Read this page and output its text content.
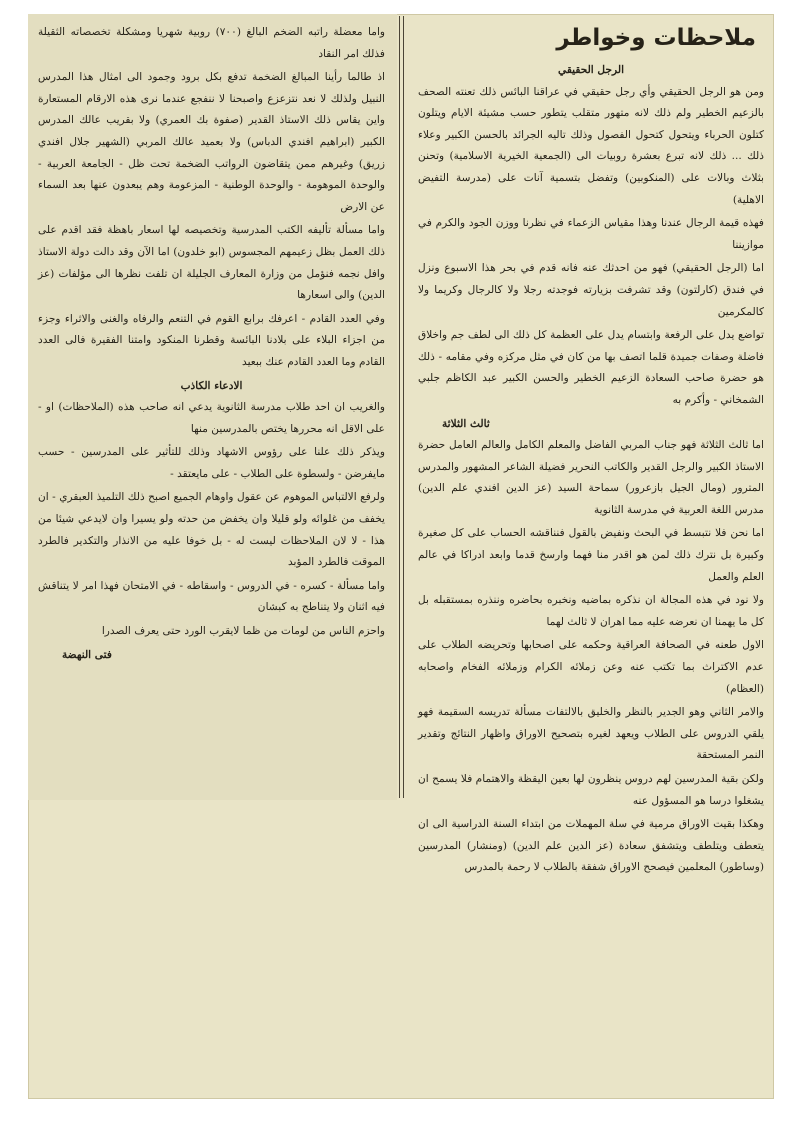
ملاحظات وخواطر
الرجل الحقيقي

ومن هو الرجل الحقيقي وأي رجل حقيقي في عراقنا البائس ذلك تعنته الصحف بالزعيم الخطير ولم ذلك لانه متهور متقلب يتطور حسب مشيئة الايام ويتلون كتلون الحرباء ويتحول كتحول الفصول وذلك تاليه الجرائد بالحسن الكبير وعلاء ذلك ... ذلك لانه تبرع بعشرة روبيات الى (الجمعية الخيرية الاسلامية) وتحنن بثلاث وبالات على (المنكوبين) وتفضل بتسمية آنات على (مدرسة التفيض الاهلية)

فهذه قيمة الرجال عندنا وهذا مقياس الزعماء في نظرنا ووزن الجود والكرم في موازيننا

اما (الرجل الحقيقي) فهو من احدثك عنه فانه قدم في بحر هذا الاسبوع ونزل في فندق (كارلتون) وقد تشرفت بزيارته فوجدته رجلا ولا كالرجال وكريما ولا كالمكرمين

تواضع يدل على الرفعة وابتسام يدل على العظمة كل ذلك الى لطف جم واخلاق فاضلة وصفات جميدة قلما اتصف بها من كان في مثل مركزه وفي مقامه - ذلك هو حضرة صاحب السعادة الزعيم الخطير والحسن الكبير عبد الكاظم جلبي الشمخاني - وأكرم به

ثالث الثلاثة

اما ثالث الثلاثة فهو جناب المربي الفاضل والمعلم الكامل والعالم العامل حضرة الاستاذ الكبير والرجل القدير والكاتب النحرير فضيلة الشاعر المشهور والمدرس المترور (ومال الجيل بازعرور) سماحة السيد (عز الدين افندي علم الدين) مدرس اللغة العربية في مدرسة الثانوية

اما نحن فلا نتبسط في البحث ونفيض بالقول فنناقشه الحساب على كل صغيرة وكبيرة بل نترك ذلك لمن هو اقدر منا فهما وارسخ قدما وابعد ادراكا في عالم العلم والعمل

ولا نود في هذه المجالة ان نذكره بماضيه ونخبره بحاضره وننذره بمستقبله بل كل ما يهمنا ان نعرضه عليه مما اهران لا ثالث لهما

الاول طعنه في الصحافة العراقية وحكمه على اصحابها وتحريضه الطلاب على عدم الاكتراث بما تكتب عنه وعن زملائه الكرام وزملائه الفخام واصحابه (العظام)

والامر الثاني وهو الجدير بالنظر والخليق بالالتفات مسألة تدريسه السقيمة فهو يلقي الدروس على الطلاب ويعهد لغيره بتصحيح الاوراق واظهار النتائج وتقدير النمر المستحقة

ولكن بقية المدرسين لهم دروس ينظرون لها بعين اليقظة والاهتمام فلا يسمح ان يشغلوا درسا هو المسؤول عنه

وهكذا بقيت الاوراق مرمية في سلة المهملات من ابتداء السنة الدراسية الى ان يتعطف ويتلطف ويتشفق سعادة (عز الدين علم الدين) (ومنشار) المدرسين (وساطور) المعلمين فيصحح الاوراق شفقة بالطلاب لا رحمة بالمدرس

واما معضلة راتبه الضخم البالغ (٧٠٠) روبية شهريا ومشكلة تخصصاته الثقيلة فذلك امر النقاد

اذ طالما رأينا المبالغ الضخمة تدفع بكل برود وجمود الى امثال هذا المدرس النبيل ولذلك لا نعد نتزعزع واصبحنا لا ننفجع عندما نرى هذه الارقام المستعارة واين يقاس ذلك الاستاذ القدير (صفوة بك العمري) ولا بقريب عالك المدرس الكبير (ابراهيم افندي الدباس) ولا بعميد عالك المربي (الشهير جلال افندي زريق) وغيرهم ممن يتقاضون الرواتب الضخمة تحت ظل - الجامعة العربية - والوحدة الموهومة - والوحدة الوطنية - المزعومة وهم يبعدون عنها بعد السماء عن الارض

واما مسألة تأليفه الكتب المدرسية وتخصيصه لها اسعار باهظة فقد اقدم على ذلك العمل بظل زعيمهم المجسوس (ابو خلدون) اما الآن وقد دالت دولة الاستاذ وافل نجمه فنؤمل من وزارة المعارف الجليلة ان تلفت نظرها الى مؤلفات (عز الدين) والى اسعارها

وفي العدد القادم - اعرفك برابع القوم في التنعم والرفاه والغنى والاثراء وجزء من اجزاء البلاء على بلادنا البائسة وقطرنا المنكود وامتنا الفقيرة فالى العدد القادم وما العدد القادم عنك ببعيد

الادعاء الكاذب

والغريب ان احد طلاب مدرسة الثانوية يدعي انه صاحب هذه (الملاحظات) او - على الاقل انه محررها يختص بالمدرسين منها

ويذكر ذلك علنا على رؤوس الاشهاد وذلك للتأثير على المدرسين - حسب مايفرضن - ولسطوة على الطلاب - على مايعتقد -

ولرفع الالتباس الموهوم عن عقول واوهام الجميع اصبح ذلك التلميذ العبقري - ان يخفف من غلوائه ولو قليلا وان يخفض من حدته ولو يسيرا وان لايدعي شيئا من هذا - لا لان الملاحظات ليست له - بل خوفا عليه من الانذار والتكدير فالطرد الموقت فالطرد المؤبد

واما مسألة - كسره - في الدروس - واسقاطه - في الامتحان فهذا امر لا يتناقش فيه اثنان ولا يتناطح به كبشان

واحزم الناس من لومات من ظما لايقرب الورد حتى يعرف الصدرا

فتى النهضة
